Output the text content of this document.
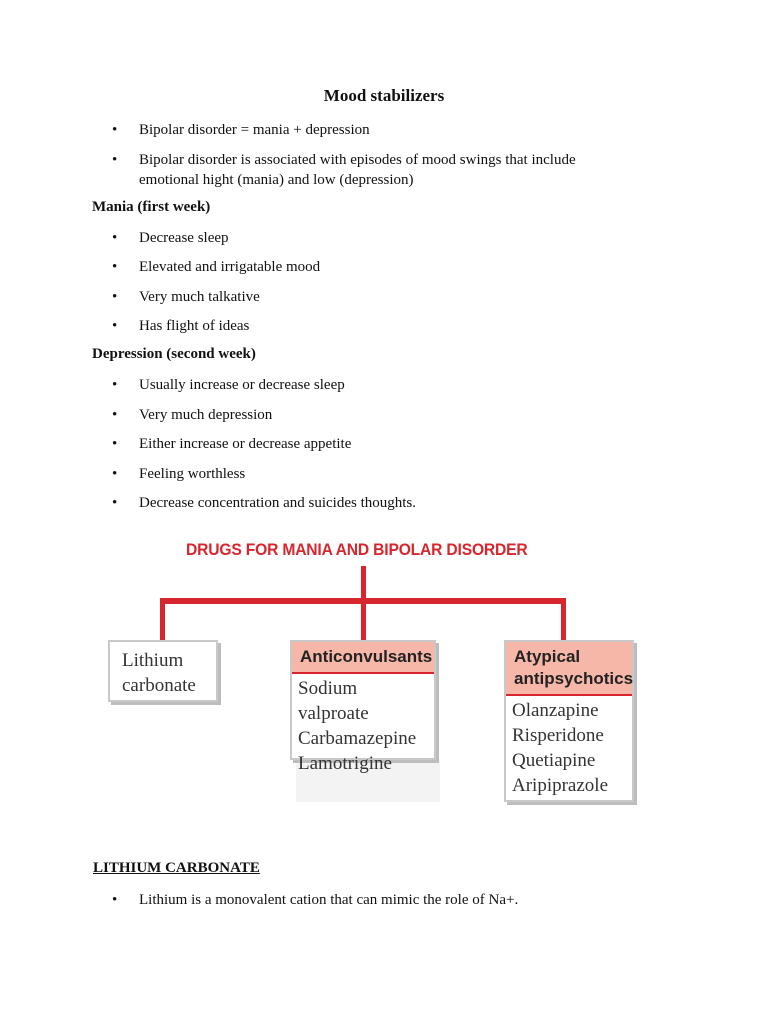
Mood stabilizers
• Bipolar disorder = mania + depression
• Bipolar disorder is associated with episodes of mood swings that include
emotional hight (mania) and low (depression)
Mania (first week)
• Decrease sleep
• Elevated and irrigatable mood
• Very much talkative
• Has flight of ideas
Depression (second week)
• Usually increase or decrease sleep
• Very much depression
• Either increase or decrease appetite
• Feeling worthless
• Decrease concentration and suicides thoughts.
DRUGS FOR MANIA AND BIPOLAR DISORDER
Lithium
carbonate
Anticonvulsants
Sodium valproate
Carbamazepine
Lamotrigine
Atypical
antipsychotics
Olanzapine
Risperidone
Quetiapine
Aripiprazole
LITHIUM CARBONATE
• Lithium is a monovalent cation that can mimic the role of Na+.
